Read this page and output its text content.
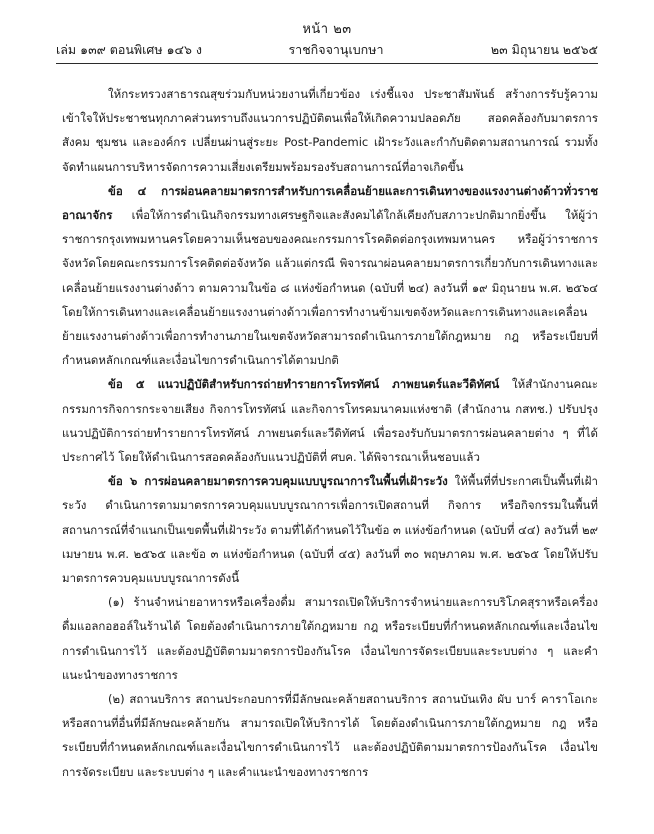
หน้า ๒๓
เล่ม ๑๓๙ ตอนพิเศษ ๑๔๖ ง	ราชกิจจานุเบกษา	๒๓ มิถุนายน ๒๕๖๕

ให้กระทรวงสาธารณสุขร่วมกับหน่วยงานที่เกี่ยวข้อง เร่งชี้แจง ประชาสัมพันธ์ สร้างการรับรู้ความเข้าใจให้ประชาชนทุกภาคส่วนทราบถึงแนวการปฏิบัติตนเพื่อให้เกิดความปลอดภัย สอดคล้องกับมาตรการสังคม ชุมชน และองค์กร เปลี่ยนผ่านสู่ระยะ Post-Pandemic เฝ้าระวังและกำกับติดตามสถานการณ์ รวมทั้งจัดทำแผนการบริหารจัดการความเสี่ยงเตรียมพร้อมรองรับสถานการณ์ที่อาจเกิดขึ้น

ข้อ ๔ การผ่อนคลายมาตรการสำหรับการเคลื่อนย้ายและการเดินทางของแรงงานต่างด้าวทั่วราชอาณาจักร เพื่อให้การดำเนินกิจกรรมทางเศรษฐกิจและสังคมได้ใกล้เคียงกับสภาวะปกติมากยิ่งขึ้น ให้ผู้ว่าราชการกรุงเทพมหานครโดยความเห็นชอบของคณะกรรมการโรคติดต่อกรุงเทพมหานคร หรือผู้ว่าราชการจังหวัดโดยคณะกรรมการโรคติดต่อจังหวัด แล้วแต่กรณี พิจารณาผ่อนคลายมาตรการเกี่ยวกับการเดินทางและเคลื่อนย้ายแรงงานต่างด้าว ตามความในข้อ ๘ แห่งข้อกำหนด (ฉบับที่ ๒๔) ลงวันที่ ๑๙ มิถุนายน พ.ศ. ๒๕๖๔ โดยให้การเดินทางและเคลื่อนย้ายแรงงานต่างด้าวเพื่อการทำงานข้ามเขตจังหวัดและการเดินทางและเคลื่อนย้ายแรงงานต่างด้าวเพื่อการทำงานภายในเขตจังหวัดสามารถดำเนินการภายใต้กฎหมาย กฎ หรือระเบียบที่กำหนดหลักเกณฑ์และเงื่อนไขการดำเนินการได้ตามปกติ

ข้อ ๕ แนวปฏิบัติสำหรับการถ่ายทำรายการโทรทัศน์ ภาพยนตร์และวีดิทัศน์ ให้สำนักงานคณะกรรมการกิจการกระจายเสียง กิจการโทรทัศน์ และกิจการโทรคมนาคมแห่งชาติ (สำนักงาน กสทช.) ปรับปรุงแนวปฏิบัติการถ่ายทำรายการโทรทัศน์ ภาพยนตร์และวีดิทัศน์ เพื่อรองรับกับมาตรการผ่อนคลายต่าง ๆ ที่ได้ประกาศไว้ โดยให้ดำเนินการสอดคล้องกับแนวปฏิบัติที่ ศบค. ได้พิจารณาเห็นชอบแล้ว

ข้อ ๖ การผ่อนคลายมาตรการควบคุมแบบบูรณาการในพื้นที่เฝ้าระวัง ให้พื้นที่ที่ประกาศเป็นพื้นที่เฝ้าระวัง ดำเนินการตามมาตรการควบคุมแบบบูรณาการเพื่อการเปิดสถานที่ กิจการ หรือกิจกรรมในพื้นที่สถานการณ์ที่จำแนกเป็นเขตพื้นที่เฝ้าระวัง ตามที่ได้กำหนดไว้ในข้อ ๓ แห่งข้อกำหนด (ฉบับที่ ๔๔) ลงวันที่ ๒๙ เมษายน พ.ศ. ๒๕๖๕ และข้อ ๓ แห่งข้อกำหนด (ฉบับที่ ๔๕) ลงวันที่ ๓๐ พฤษภาคม พ.ศ. ๒๕๖๕ โดยให้ปรับมาตรการควบคุมแบบบูรณาการดังนี้

(๑) ร้านจำหน่ายอาหารหรือเครื่องดื่ม สามารถเปิดให้บริการจำหน่ายและการบริโภคสุราหรือเครื่องดื่มแอลกอฮอล์ในร้านได้ โดยต้องดำเนินการภายใต้กฎหมาย กฎ หรือระเบียบที่กำหนดหลักเกณฑ์และเงื่อนไขการดำเนินการไว้ และต้องปฏิบัติตามมาตรการป้องกันโรค เงื่อนไขการจัดระเบียบและระบบต่าง ๆ และคำแนะนำของทางราชการ

(๒) สถานบริการ สถานประกอบการที่มีลักษณะคล้ายสถานบริการ สถานบันเทิง ผับ บาร์ คาราโอเกะหรือสถานที่อื่นที่มีลักษณะคล้ายกัน สามารถเปิดให้บริการได้ โดยต้องดำเนินการภายใต้กฎหมาย กฎ หรือระเบียบที่กำหนดหลักเกณฑ์และเงื่อนไขการดำเนินการไว้ และต้องปฏิบัติตามมาตรการป้องกันโรค เงื่อนไขการจัดระเบียบ และระบบต่าง ๆ และคำแนะนำของทางราชการ
